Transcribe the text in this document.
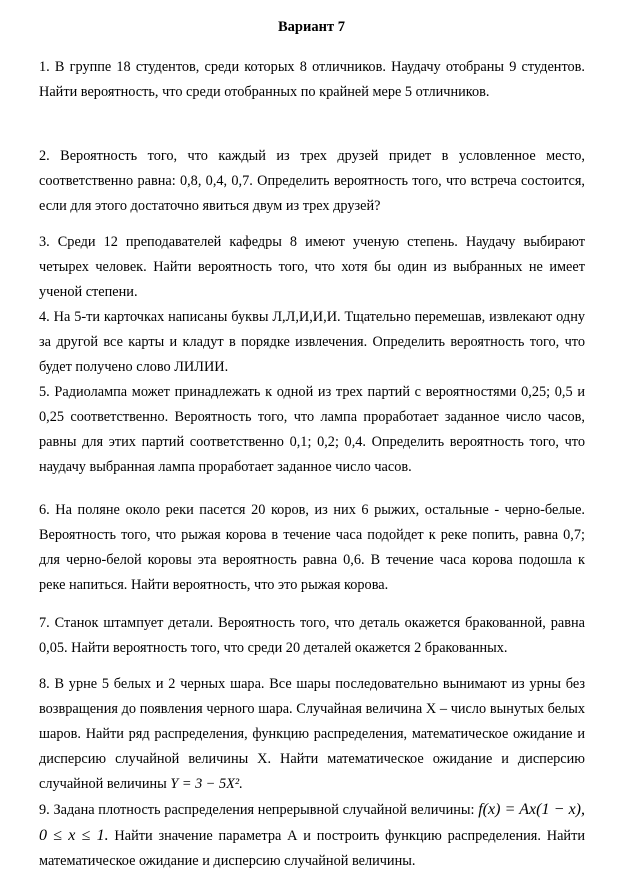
Вариант 7
1. В группе 18 студентов, среди которых 8 отличников. Наудачу отобраны 9 студентов. Найти вероятность, что среди отобранных по крайней мере 5 отличников.
2. Вероятность того, что каждый из трех друзей придет в условленное место, соответственно равна: 0,8, 0,4, 0,7. Определить вероятность того, что встреча состоится, если для этого достаточно явиться двум из трех друзей?
3. Среди 12 преподавателей кафедры 8 имеют ученую степень. Наудачу выбирают четырех человек. Найти вероятность того, что хотя бы один из выбранных не имеет ученой степени.
4. На 5-ти карточках написаны буквы Л,Л,И,И,И. Тщательно перемешав, извлекают одну за другой все карты и кладут в порядке извлечения. Определить вероятность того, что будет получено слово ЛИЛИИ.
5. Радиолампа может принадлежать к одной из трех партий с вероятностями 0,25; 0,5 и 0,25 соответственно. Вероятность того, что лампа проработает заданное число часов, равны для этих партий соответственно 0,1; 0,2; 0,4. Определить вероятность того, что наудачу выбранная лампа проработает заданное число часов.
6. На поляне около реки пасется 20 коров, из них 6 рыжих, остальные - черно-белые. Вероятность того, что рыжая корова в течение часа подойдет к реке попить, равна 0,7; для черно-белой коровы эта вероятность равна 0,6. В течение часа корова подошла к реке напиться. Найти вероятность, что это рыжая корова.
7. Станок штампует детали. Вероятность того, что деталь окажется бракованной, равна 0,05. Найти вероятность того, что среди 20 деталей окажется 2 бракованных.
8. В урне 5 белых и 2 черных шара. Все шары последовательно вынимают из урны без возвращения до появления черного шара. Случайная величина Х – число вынутых белых шаров. Найти ряд распределения, функцию распределения, математическое ожидание и дисперсию случайной величины Х. Найти математическое ожидание и дисперсию случайной величины Y = 3 − 5X².
9. Задана плотность распределения непрерывной случайной величины: f(x) = Ax(1 − x), 0 ≤ x ≤ 1. Найти значение параметра А и построить функцию распределения. Найти математическое ожидание и дисперсию случайной величины.
